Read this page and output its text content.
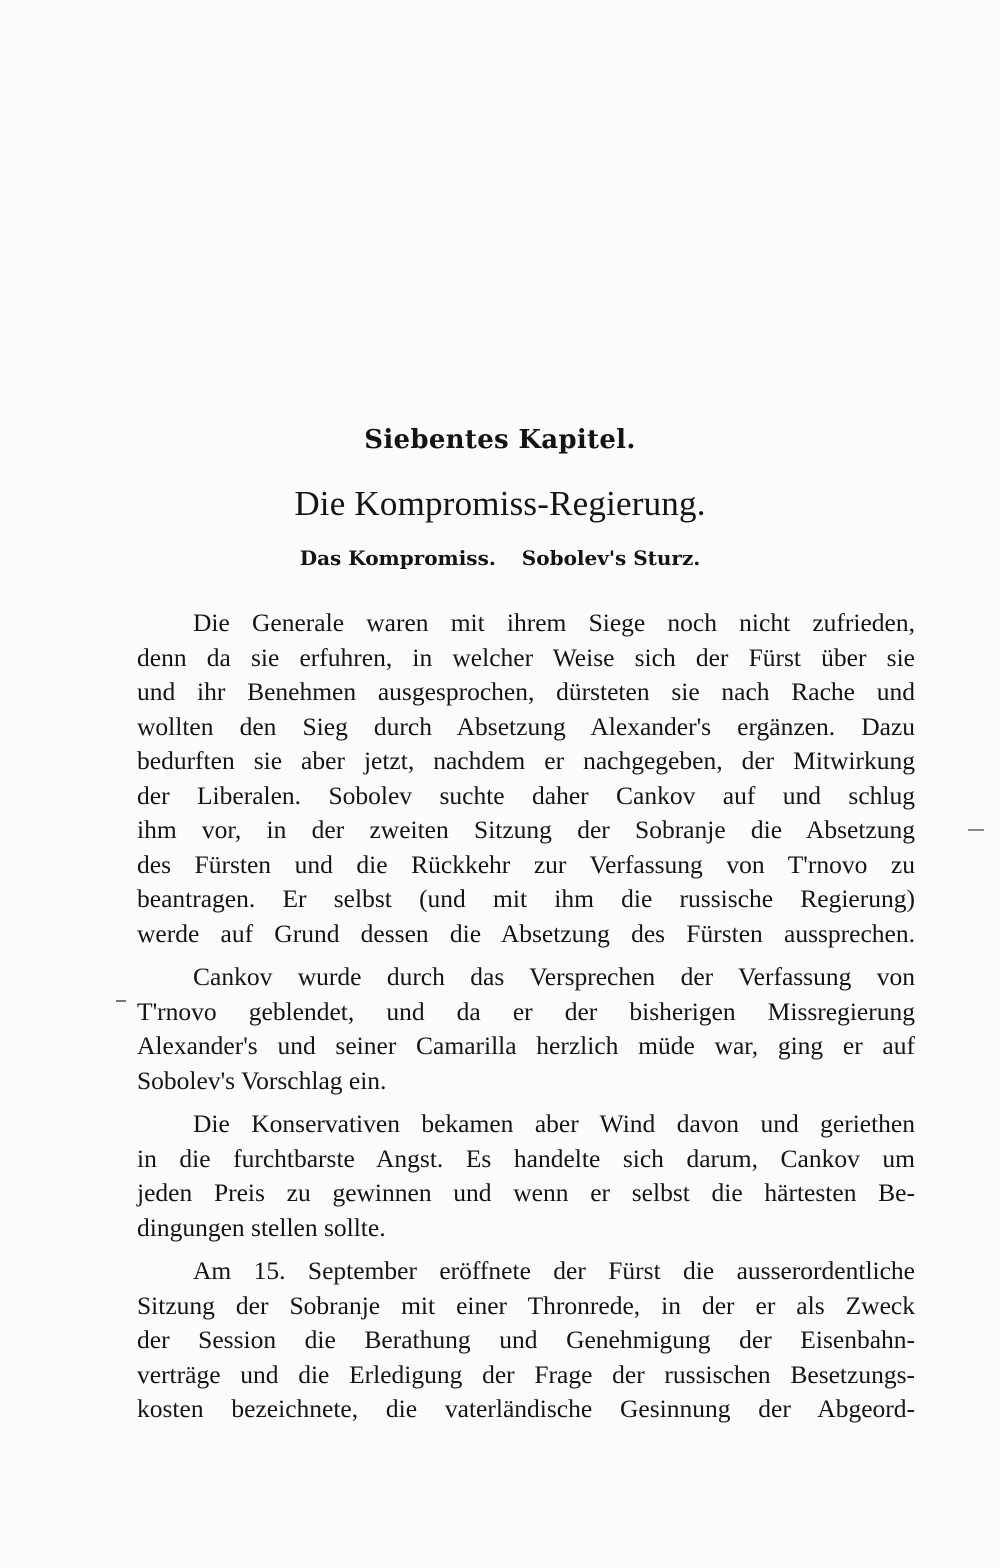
Siebentes Kapitel.
Die Kompromiss-Regierung.
Das Kompromiss. Sobolev's Sturz.
Die Generale waren mit ihrem Siege noch nicht zufrieden,
denn da sie erfuhren, in welcher Weise sich der Fürst über sie
und ihr Benehmen ausgesprochen, dürsteten sie nach Rache und
wollten den Sieg durch Absetzung Alexander's ergänzen. Dazu
bedurften sie aber jetzt, nachdem er nachgegeben, der Mitwirkung
der Liberalen. Sobolev suchte daher Cankov auf und schlug
ihm vor, in der zweiten Sitzung der Sobranje die Absetzung
des Fürsten und die Rückkehr zur Verfassung von T'rnovo zu
beantragen. Er selbst (und mit ihm die russische Regierung)
werde auf Grund dessen die Absetzung des Fürsten aussprechen.
Cankov wurde durch das Versprechen der Verfassung von
T'rnovo geblendet, und da er der bisherigen Missregierung
Alexander's und seiner Camarilla herzlich müde war, ging er auf
Sobolev's Vorschlag ein.
Die Konservativen bekamen aber Wind davon und geriethen
in die furchtbarste Angst. Es handelte sich darum, Cankov um
jeden Preis zu gewinnen und wenn er selbst die härtesten Be-
dingungen stellen sollte.
Am 15. September eröffnete der Fürst die ausserordentliche
Sitzung der Sobranje mit einer Thronrede, in der er als Zweck
der Session die Berathung und Genehmigung der Eisenbahn-
verträge und die Erledigung der Frage der russischen Besetzungs-
kosten bezeichnete, die vaterländische Gesinnung der Abgeord-
